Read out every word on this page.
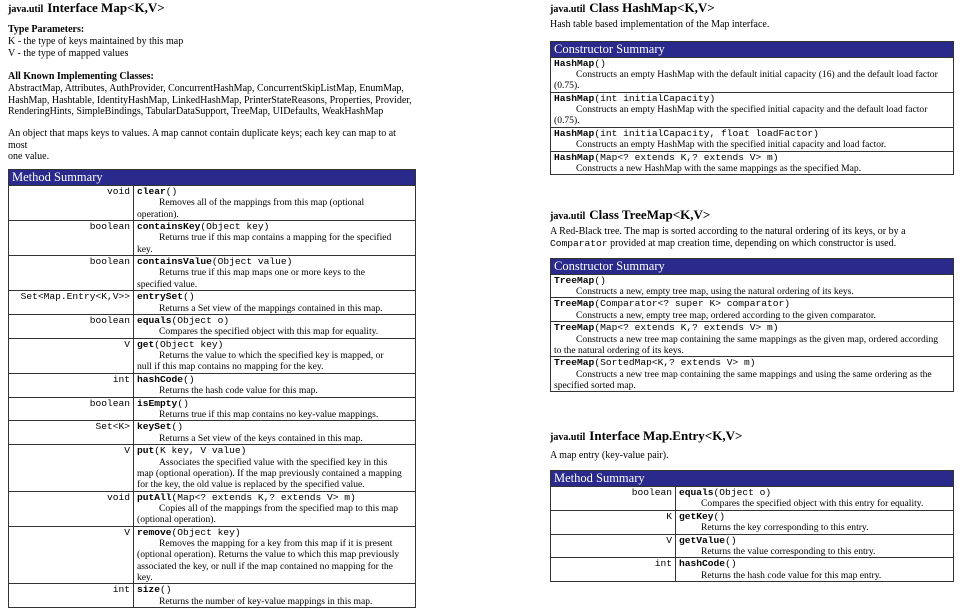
java.util Interface Map<K,V>
Type Parameters:
K - the type of keys maintained by this map
V - the type of mapped values
All Known Implementing Classes:
AbstractMap, Attributes, AuthProvider, ConcurrentHashMap, ConcurrentSkipListMap, EnumMap,
HashMap, Hashtable, IdentityHashMap, LinkedHashMap, PrinterStateReasons, Properties, Provider,
RenderingHints, SimpleBindings, TabularDataSupport, TreeMap, UIDefaults, WeakHashMap
An object that maps keys to values. A map cannot contain duplicate keys; each key can map to at most
one value.
Method Summary	
void	clear()
Removes all of the mappings from this map (optional
operation).

boolean	containsKey(Object key)
Returns true if this map contains a mapping for the specified
key.

boolean	containsValue(Object value)
Returns true if this map maps one or more keys to the
specified value.

Set<Map.Entry<K,V>>	entrySet()
Returns a Set view of the mappings contained in this map.

boolean	equals(Object o)
Compares the specified object with this map for equality.

V	get(Object key)
Returns the value to which the specified key is mapped, or
null if this map contains no mapping for the key.

int	hashCode()
Returns the hash code value for this map.

boolean	isEmpty()
Returns true if this map contains no key-value mappings.

Set<K>	keySet()
Returns a Set view of the keys contained in this map.

V	put(K key, V value)
Associates the specified value with the specified key in this
map (optional operation). If the map previously contained a mapping
for the key, the old value is replaced by the specified value.

void	putAll(Map<? extends K,? extends V> m)
Copies all of the mappings from the specified map to this map
(optional operation).

V	remove(Object key)
Removes the mapping for a key from this map if it is present
(optional operation). Returns the value to which this map previously
associated the key, or null if the map contained no mapping for the
key.

int	size()
Returns the number of key-value mappings in this map.
java.util Class HashMap<K,V>
Hash table based implementation of the Map interface.
Constructor Summary

HashMap()
Constructs an empty HashMap with the default initial capacity (16) and the default load factor
(0.75).

HashMap(int initialCapacity)
Constructs an empty HashMap with the specified initial capacity and the default load factor
(0.75).

HashMap(int initialCapacity, float loadFactor)
Constructs an empty HashMap with the specified initial capacity and load factor.

HashMap(Map<? extends K,? extends V> m)
Constructs a new HashMap with the same mappings as the specified Map.
java.util Class TreeMap<K,V>
A Red-Black tree. The map is sorted according to the natural ordering of its keys, or by a
Comparator provided at map creation time, depending on which constructor is used.
Constructor Summary

TreeMap()
Constructs a new, empty tree map, using the natural ordering of its keys.

TreeMap(Comparator<? super K> comparator)
Constructs a new, empty tree map, ordered according to the given comparator.

TreeMap(Map<? extends K,? extends V> m)
Constructs a new tree map containing the same mappings as the given map, ordered according
to the natural ordering of its keys.

TreeMap(SortedMap<K,? extends V> m)
Constructs a new tree map containing the same mappings and using the same ordering as the
specified sorted map.
java.util Interface Map.Entry<K,V>
A map entry (key-value pair).
Method Summary	
boolean	equals(Object o)
Compares the specified object with this entry for equality.

K	getKey()
Returns the key corresponding to this entry.

V	getValue()
Returns the value corresponding to this entry.

int	hashCode()
Returns the hash code value for this map entry.
